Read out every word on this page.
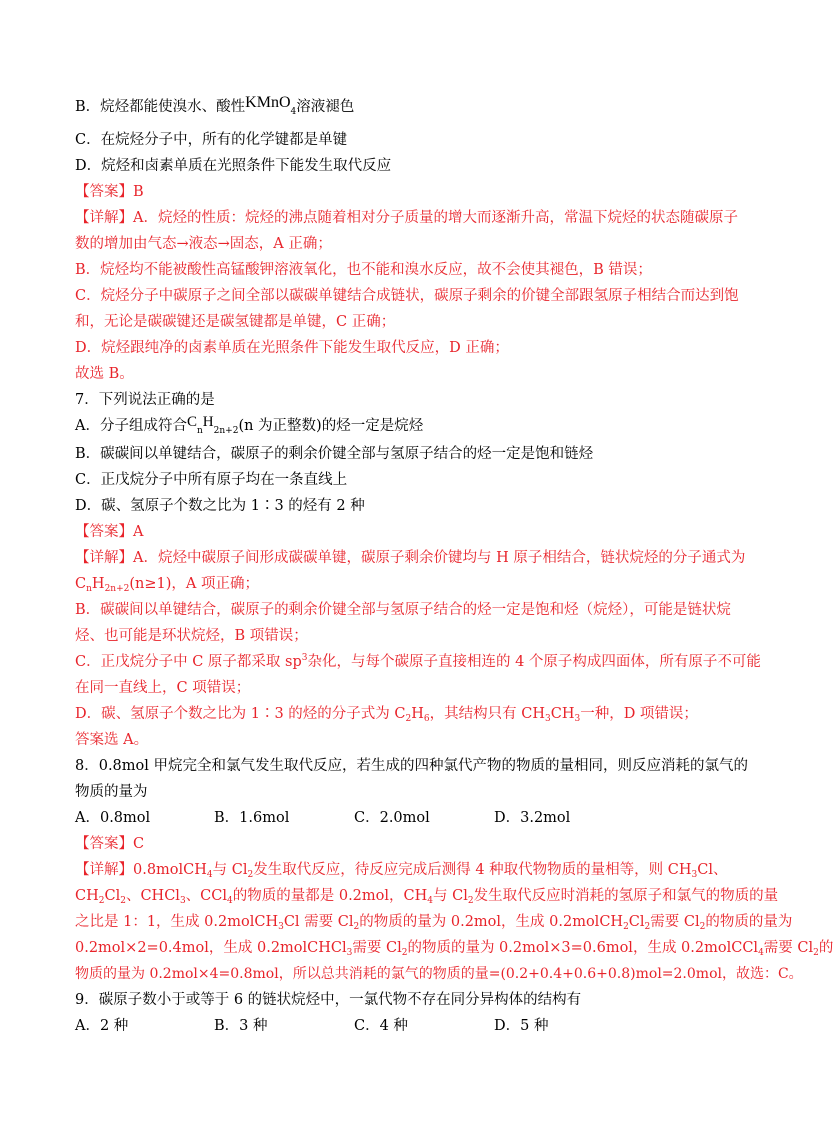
B．烷烃都能使溴水、酸性KMnO$_4$溶液褪色
C．在烷烃分子中，所有的化学键都是单键
D．烷烃和卤素单质在光照条件下能发生取代反应
【答案】B
【详解】A．烷烃的性质：烷烃的沸点随着相对分子质量的增大而逐渐升高，常温下烷烃的状态随碳原子
数的增加由气态→液态→固态，A 正确；
B．烷烃均不能被酸性高锰酸钾溶液氧化，也不能和溴水反应，故不会使其褪色，B 错误；
C．烷烃分子中碳原子之间全部以碳碳单键结合成链状，碳原子剩余的价键全部跟氢原子相结合而达到饱
和，无论是碳碳键还是碳氢键都是单键，C 正确；
D．烷烃跟纯净的卤素单质在光照条件下能发生取代反应，D 正确；
故选 B。
7．下列说法正确的是
A．分子组成符合$C_nH_{2n+2}(n$ 为正整数)的烃一定是烷烃
B．碳碳间以单键结合，碳原子的剩余价键全部与氢原子结合的烃一定是饱和链烃
C．正戊烷分子中所有原子均在一条直线上
D．碳、氢原子个数之比为 1∶3 的烃有 2 种
【答案】A
【详解】A．烷烃中碳原子间形成碳碳单键，碳原子剩余价键均与 H 原子相结合，链状烷烃的分子通式为
$C_nH_{2n+2}(n\ge 1)$，A 项正确；
B．碳碳间以单键结合，碳原子的剩余价键全部与氢原子结合的烃一定是饱和烃（烷烃），可能是链状烷
烃、也可能是环状烷烃，B 项错误；
C．正戊烷分子中 C 原子都采取 $sp^3$杂化，与每个碳原子直接相连的 4 个原子构成四面体，所有原子不可能
在同一直线上，C 项错误；
D．碳、氢原子个数之比为 1∶3 的烃的分子式为 $C_2H_6$，其结构只有 $CH_3CH_3$一种，D 项错误；
答案选 A。
8．0.8mol 甲烷完全和氯气发生取代反应，若生成的四种氯代产物的物质的量相同，则反应消耗的氯气的
物质的量为
A．0.8mol	B．1.6mol	C．2.0mol	D．3.2mol
【答案】C
【详解】0.8molCH$_4$与 $Cl_2$发生取代反应，待反应完成后测得 4 种取代物物质的量相等，则 $CH_3Cl$、
$CH_2Cl_2$、CHCl$_3$、CCl$_4$的物质的量都是 0.2mol，$CH_4$与 $Cl_2$发生取代反应时消耗的氢原子和氯气的物质的量
之比是 1：1，生成 0.2molCH$_3$Cl 需要 $Cl_2$的物质的量为 0.2mol，生成 $0.2molCH_2Cl_2$需要 $Cl_2$的物质的量为
0.2mol×2=0.4mol，生成 0.2molCHCl$_3$需要 $Cl_2$的物质的量为 0.2mol×3=0.6mol，生成 0.2molCCl$_4$需要 $Cl_2$的
物质的量为 0.2mol×4=0.8mol，所以总共消耗的氯气的物质的量=(0.2+0.4+0.6+0.8)mol=2.0mol，故选：C。
9．碳原子数小于或等于 6 的链状烷烃中，一氯代物不存在同分异构体的结构有
A．2 种	B．3 种	C．4 种	D．5 种
